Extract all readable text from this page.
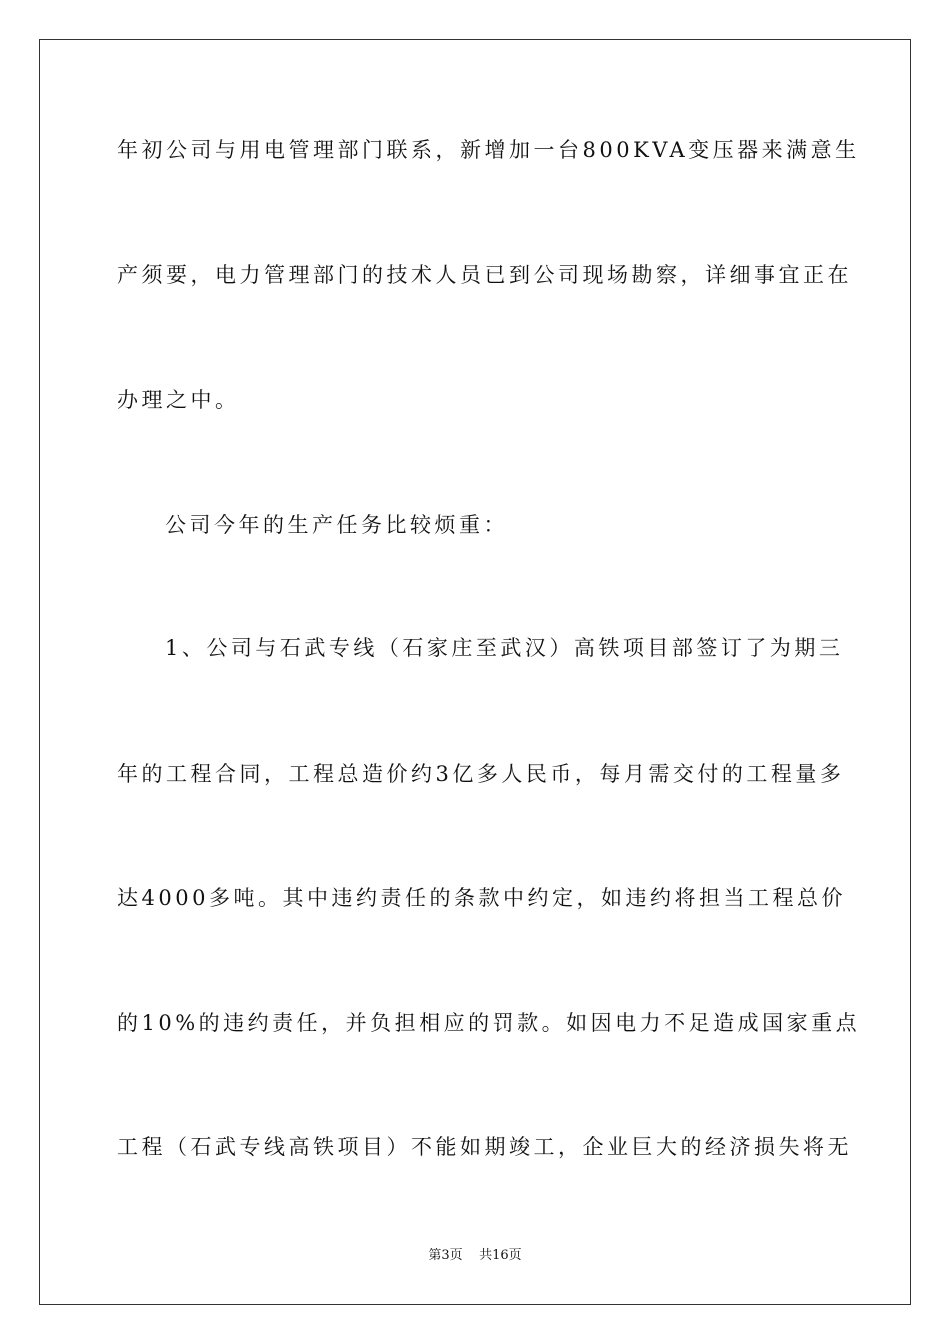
年初公司与用电管理部门联系，新增加一台800KVA变压器来满意生
产须要，电力管理部门的技术人员已到公司现场勘察，详细事宜正在
办理之中。
公司今年的生产任务比较烦重：
1、公司与石武专线（石家庄至武汉）高铁项目部签订了为期三
年的工程合同，工程总造价约3亿多人民币，每月需交付的工程量多
达4000多吨。其中违约责任的条款中约定，如违约将担当工程总价
的10%的违约责任，并负担相应的罚款。如因电力不足造成国家重点
工程（石武专线高铁项目）不能如期竣工，企业巨大的经济损失将无
第3页    共16页
